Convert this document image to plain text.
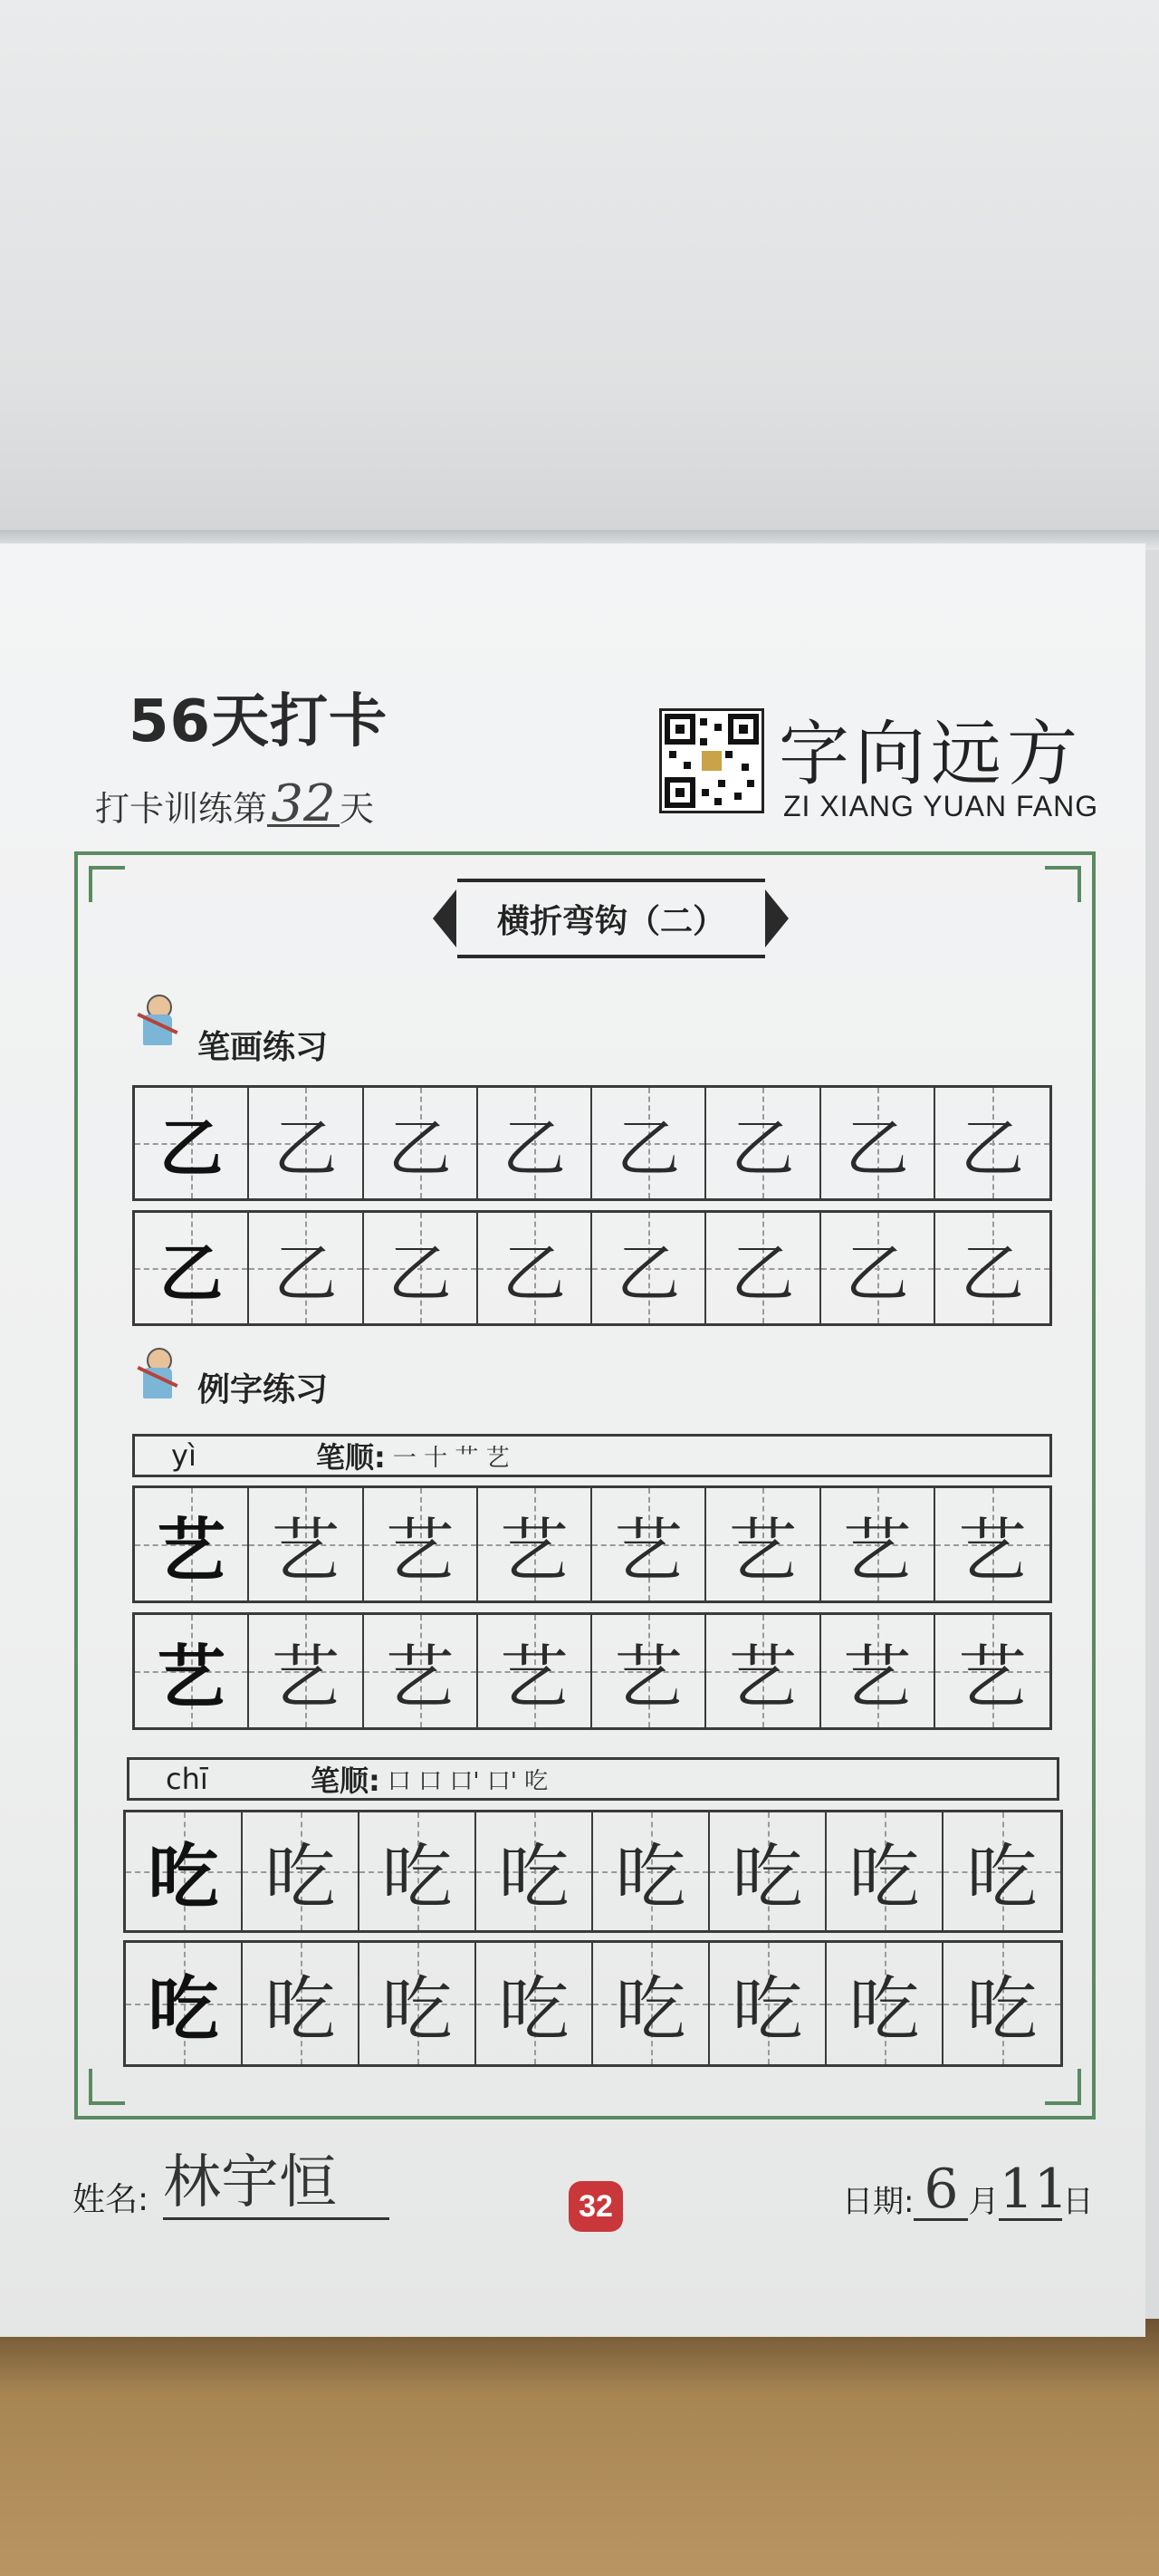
56天打卡
打卡训练第32 天
字向远方
ZI XIANG YUAN FANG
横折弯钩（二）
笔画练习
乙 乙 乙 乙 乙 乙 乙 乙
乙 乙 乙 乙 乙 乙 乙 乙
例字练习
yì	笔顺: 一 十 艹 艺
艺 艺 艺 艺 艺 艺 艺 艺
艺 艺 艺 艺 艺 艺 艺 艺
chī	笔顺: 口 口 口' 口' 吃
吃 吃 吃 吃 吃 吃 吃 吃
吃 吃 吃 吃 吃 吃 吃 吃
姓名: 林宇恒	32	日期: 6 月 11
日
